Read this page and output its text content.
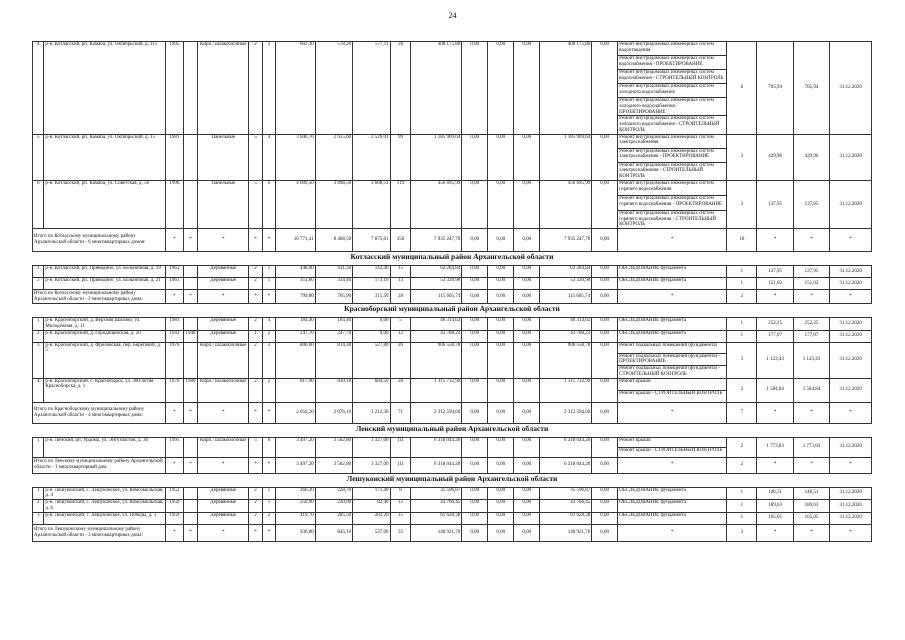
24
4	р-н. Котласский, рп. Камаба, ул. Октябрьский, д. 115	1995		Кирп./ шлакоблочные	2	2	602,30	578,20	577,11	28	408 175,80	0,00	0,00	0,00	408 175,80	0,00	Ремонт внутридомовых инженерных систем водоотведения	6	705,94	705,94	31.12.2020
																	Ремонт внутридомовых инженерных систем водоснабжения - ПРОЕКТИРОВАНИЕ				
																	Ремонт внутридомовых инженерных систем водоснабжения - СТРОИТЕЛЬНЫЙ КОНТРОЛЬ				
																	Ремонт внутридомовых инженерных систем холодного водоснабжения				
																	Ремонт внутридомовых инженерных систем холодного водоснабжения - ПРОЕКТИРОВАНИЕ				
																	Ремонт внутридомовых инженерных систем холодного водоснабжения - СТРОИТЕЛЬНЫЙ КОНТРОЛЬ				
5	р-н. Котласский, рп. Камаба, ул. Октябрьский, д. 15	1981		Панельные	5	4	3 040,76	2 655,60	2 526,01	99	1 185 969,64	0,00	0,00	0,00	1 185 969,64	0,00	Ремонт внутридомовых инженерных систем электроснабжения	3	429,96	429,96	31.12.2020
																	Ремонт внутридомовых инженерных систем электроснабжения - ПРОЕКТИРОВАНИЕ				
																	Ремонт внутридомовых инженерных систем электроснабжения - СТРОИТЕЛЬНЫЙ КОНТРОЛЬ				
6	р-н. Котласский, рп. Камаба, ул. Советская, д. 56	1996		Панельные	5	6	4 609,50	3 898,50	3 608,51	119	456 695,99	0,00	0,00	0,00	456 695,99	0,00	Ремонт внутридомовых инженерных систем горячего водоснабжения	3	137,95	137,95	31.12.2020
																	Ремонт внутридомовых инженерных систем горячего водоснабжения - ПРОЕКТИРОВАНИЕ				
																	Ремонт внутридомовых инженерных систем горячего водоснабжения - СТРОИТЕЛЬНЫЙ КОНТРОЛЬ				
Итого по Котласскому муниципальному району Архангельской области - 6 многоквартирных домов:		*	*	*	*	*	10 771,41	8 468,50	7 875,61	356	7 935 247,70	0,00	0,00	0,00	7 935 247,70	0,00	*	18	*	*	*
Котласский муниципальный район Архангельской области																					
1	р-н. Котласский, рп. Приводино, ул. Больничная, д. 19	1961		Деревянные	2	1	448,00	431,50	142,40	15	62 284,84	0,00	0,00	0,00	62 284,84	0,00	ОБСЛЕДОВАНИЕ фундамента	1	137,95	137,95	31.12.2020
2	р-н. Котласский, рп. Приводино, ул. Больничная, д. 21	1961		Деревянные	2	1	351,80	334,40	173,10	13	53 320,90	0,00	0,00	0,00	53 320,90	0,00	ОБСЛЕДОВАНИЕ фундамента	1	151,02	151,02	31.12.2020
Итого по Котласскому муниципальному району Архангельской области - 2 многоквартирных дома:		*	*	*	*	*	799,80	765,90	315,50	28	115 605,74	0,00	0,00	0,00	115 605,74	0,00	*	2	*	*	*
Красноборский муниципальный район Архангельской области																					
1	р-н. Красноборский, д. Верхняя Шилово, ул. Молодежная, д. 11	1981		Деревянные	2	4	184,40	184,40	0,00	5	46 314,62	0,00	0,00	0,00	46 314,62	0,00	ОБСЛЕДОВАНИЕ фундамента	1	252,25	252,25	31.12.2020
2	р-н. Красноборский, д. Городищенская, д. 20	1943	1948	Деревянные	1	2	247,70	247,70	0,00	12	43 788,23	0,00	0,00	0,00	43 788,23	0,00	ОБСЛЕДОВАНИЕ фундамента	1	177,07	177,07	31.12.2020
3	р-н. Красноборский, д. Фроловская, пер. Береговой, д. 5	1976		Кирп./ шлакоблочные	2	3	806,60	814,30	527,80	26	906 558,78	0,00	0,00	0,00	906 558,78	0,00	Ремонт подвальных помещений (фундамента)	3	1 123,43	1 123,43	31.12.2020
																	Ремонт подвальных помещений (фундамента) - ПРОЕКТИРОВАНИЕ				
																	Ремонт подвальных помещений (фундамента) - СТРОИТЕЛЬНЫЙ КОНТРОЛЬ				
4	р-н. Красноборский, с. Красноборск, ул. 300-летия Красноборска, д. 1	1979	1980	Кирп./ шлакоблочные	2	2	817,90	830,10	684,50	28	1 315 732,99	0,00	0,00	0,00	1 315 732,99	0,00	Ремонт крыши	2	1 584,84	1 584,84	31.12.2020
																	Ремонт крыши - СТРОИТЕЛЬНЫЙ КОНТРОЛЬ				
Итого по Красноборскому муниципальному району Архангельской области - 4 многоквартирных дома:		*	*	*	*	*	2 056,20	2 076,10	1 212,30	71	2 312 594,60	0,00	0,00	0,00	2 312 594,60	0,00	*	7	*	*	*
Ленский муниципальный район Архангельской области																					
1	р-н. Ленский, рп. Урдома, ул. Энтузиастов, д. 36	1995		Кирп./ шлакоблочные	5	6	3 497,20	3 562,80	3 327,00	111	6 318 044,20	0,00	0,00	0,00	6 318 044,20	0,00	Ремонт крыши	2	1 773,83	1 773,83	31.12.2020
																	Ремонт крыши - СТРОИТЕЛЬНЫЙ КОНТРОЛЬ				
Итого по Ленскому муниципальному району Архангельской области - 1 многоквартирный дом:		*	*	*	*	*	3 497,20	3 562,80	3 327,00	111	6 318 044,20	0,00	0,00	0,00	6 318 044,20	0,00	*	2	*	*	*
Лешуконский муниципальный район Архангельской области																					
1	р-н. Лешуконский, с. Лешуконское, ул. Комсомольская, д. 4	1952		Деревянные	2	1	266,20	228,70	171,40	8	35 596,87	0,00	0,00	0,00	35 596,87	0,00	ОБСЛЕДОВАНИЕ фундамента	1	146,51	146,51	31.12.2020
2	р-н. Лешуконский, с. Лешуконское, ул. Комсомольская, д. 6	1956		Деревянные	2	1	250,90	230,90	82,40	12	43 766,45	0,00	0,00	0,00	43 766,45	0,00	ОБСЛЕДОВАНИЕ фундамента	1	189,63	189,63	31.12.2020
3	р-н. Лешуконский, с. Лешуконское, ул. Победы, д. 3	1959		Деревянные	2	2	419,70	285,50	283,20	15	61 628,38	0,00	0,00	0,00	61 628,38	0,00	ОБСЛЕДОВАНИЕ фундамента	1	165,05	165,05	31.12.2020
Итого по Лешуконскому муниципальному району Архангельской области - 3 многоквартирных дома:		*	*	*	*	*	936,80	845,10	537,00	35	140 921,70	0,00	0,00	0,00	140 921,70	0,00	*	3	*	*	*
